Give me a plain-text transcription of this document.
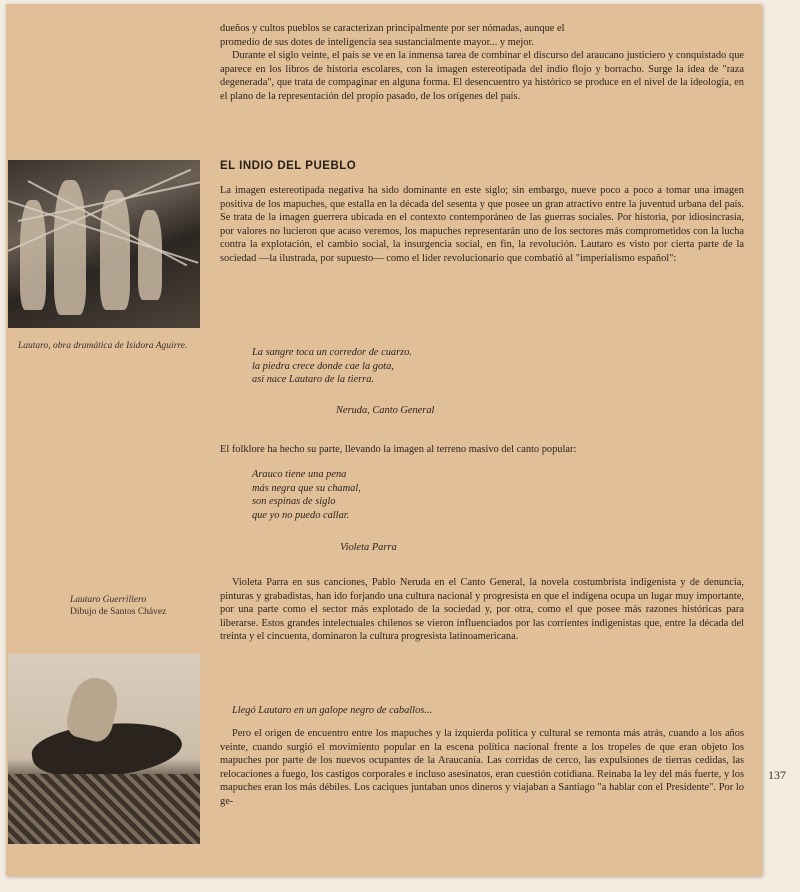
Lautaro, obra dramática de Isidora Aguirre.
Lautaro Guerrillero
Dibujo de Santos Chávez

dueños y cultos pueblos se caracterizan principalmente por ser nómadas, aunque el

promedio de sus dotes de inteligencia sea sustancialmente mayor... y mejor.

Durante el siglo veinte, el país se ve en la inmensa tarea de combinar el discurso del araucano justiciero y conquistado que aparece en los libros de historia escolares, con la imagen estereotipada del indio flojo y borracho. Surge la idea de "raza degenerada", que trata de compaginar en alguna forma. El desencuentro ya histórico se produce en el nivel de la ideología, en el plano de la representación del propio pasado, de los orígenes del país.

EL INDIO DEL PUEBLO

La imagen estereotipada negativa ha sido dominante en este siglo; sin embargo, nueve poco a poco a tomar una imagen positiva de los mapuches, que estalla en la década del sesenta y que posee un gran atractivo entre la juventud urbana del país. Se trata de la imagen guerrera ubicada en el contexto contemporáneo de las guerras sociales. Por historia, por idiosincrasia, por valores no lucieron que acaso veremos, los mapuches representarán uno de los sectores más comprometidos con la lucha contra la explotación, el cambio social, la insurgencia social, en fin, la revolución. Lautaro es visto por cierta parte de la sociedad —la ilustrada, por supuesto— como el líder revolucionario que combatió al "imperialismo español":

La sangre toca un corredor de cuarzo.
la piedra crece donde cae la gota,
así nace Lautaro de la tierra.
Neruda, Canto General

El folklore ha hecho su parte, llevando la imagen al terreno masivo del canto popular:

Arauco tiene una pena
más negra que su chamal,
son espinas de siglo
que yo no puedo callar.
Violeta Parra

Violeta Parra en sus canciones, Pablo Neruda en el Canto General, la novela costumbrista indigenista y de denuncia, pinturas y grabadistas, han ido forjando una cultura nacional y progresista en que el indígena ocupa un lugar muy importante, por una parte como el sector más explotado de la sociedad y, por otra, como el que posee más razones históricas para liberarse. Estos grandes intelectuales chilenos se vieron influenciados por las corrientes indigenistas que, entre la década del treinta y el cincuenta, dominaron la cultura progresista latinoamericana.

Llegó Lautaro en un galope negro de caballos...

Pero el origen de encuentro entre los mapuches y la izquierda política y cultural se remonta más atrás, cuando a los años veinte, cuando surgió el movimiento popular en la escena política nacional frente a los tropeles de que eran objeto los mapuches por parte de los nuevos ocupantes de la Araucanía. Las corridas de cerco, las expulsiones de tierras cedidas, las relocaciones a fuego, los castigos corporales e incluso asesinatos, eran cuestión cotidiana. Reinaba la ley del más fuerte, y los mapuches eran los más débiles. Los caciques juntaban unos dineros y viajaban a Santiago "a hablar con el Presidente". Por lo ge-

137
